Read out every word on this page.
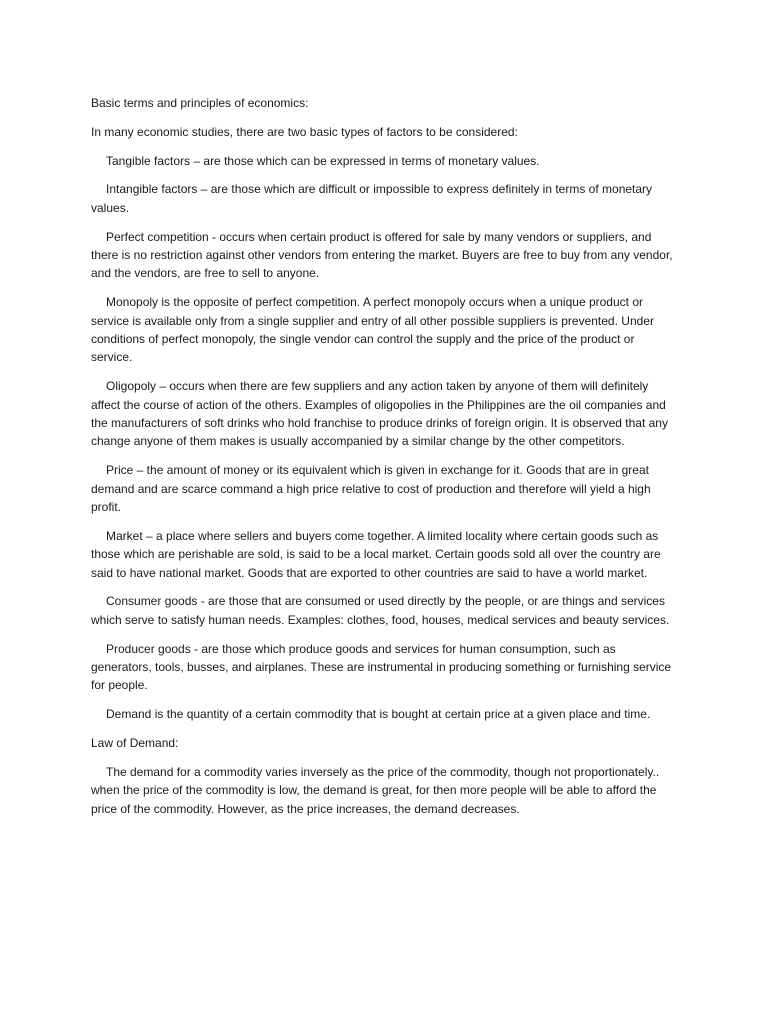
Basic terms and principles of economics:

In many economic studies, there are two basic types of factors to be considered:

Tangible factors – are those which can be expressed in terms of monetary values.

Intangible factors – are those which are difficult or impossible to express definitely in terms of monetary values.

Perfect competition - occurs when certain product is offered for sale by many vendors or suppliers, and there is no restriction against other vendors from entering the market. Buyers are free to buy from any vendor, and the vendors, are free to sell to anyone.

Monopoly is the opposite of perfect competition. A perfect monopoly occurs when a unique product or service is available only from a single supplier and entry of all other possible suppliers is prevented. Under conditions of perfect monopoly, the single vendor can control the supply and the price of the product or service.

Oligopoly – occurs when there are few suppliers and any action taken by anyone of them will definitely affect the course of action of the others. Examples of oligopolies in the Philippines are the oil companies and the manufacturers of soft drinks who hold franchise to produce drinks of foreign origin. It is observed that any change anyone of them makes is usually accompanied by a similar change by the other competitors.

Price – the amount of money or its equivalent which is given in exchange for it. Goods that are in great demand and are scarce command a high price relative to cost of production and therefore will yield a high profit.

Market – a place where sellers and buyers come together. A limited locality where certain goods such as those which are perishable are sold, is said to be a local market. Certain goods sold all over the country are said to have national market. Goods that are exported to other countries are said to have a world market.

Consumer goods - are those that are consumed or used directly by the people, or are things and services which serve to satisfy human needs. Examples: clothes, food, houses, medical services and beauty services.

Producer goods - are those which produce goods and services for human consumption, such as generators, tools, busses, and airplanes. These are instrumental in producing something or furnishing service for people.

Demand is the quantity of a certain commodity that is bought at certain price at a given place and time.

Law of Demand:

The demand for a commodity varies inversely as the price of the commodity, though not proportionately.. when the price of the commodity is low, the demand is great, for then more people will be able to afford the price of the commodity. However, as the price increases, the demand decreases.
